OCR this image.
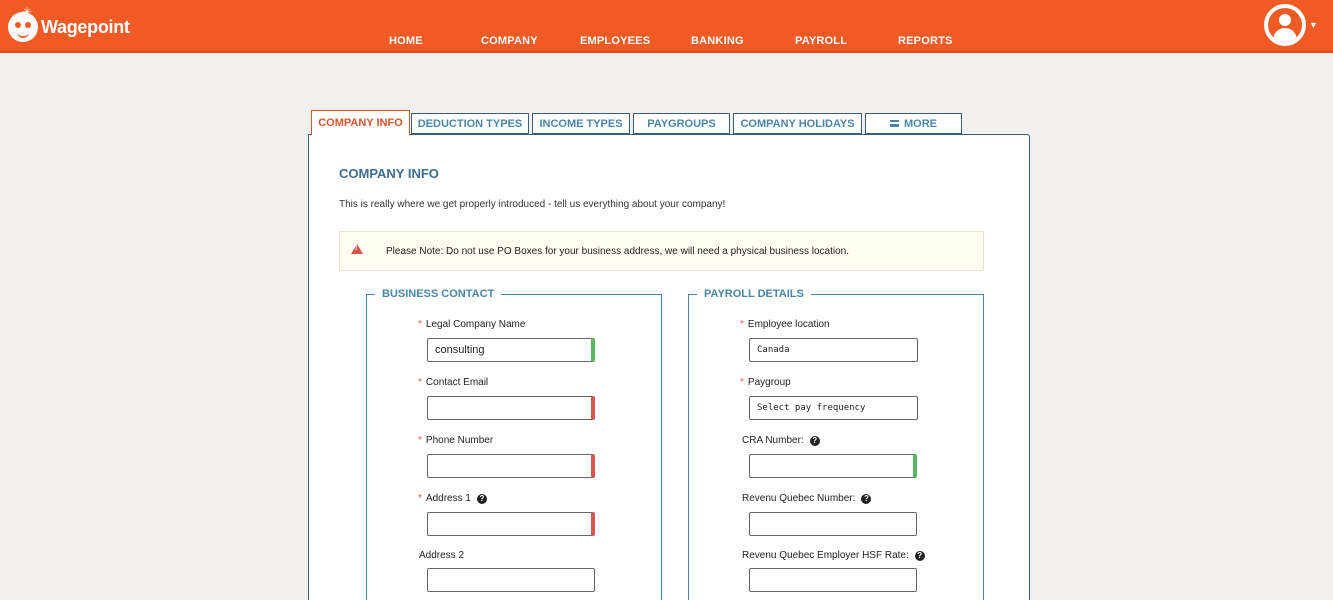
✳
Wagepoint
HOME	COMPANY	EMPLOYEES	BANKING	PAYROLL	REPORTS
▼
COMPANY INFO DEDUCTION TYPES INCOME TYPES PAYGROUPS COMPANY HOLIDAYS	MORE
COMPANY INFO
This is really where we get properly introduced - tell us everything about your company!
!
Please Note: Do not use PO Boxes for your business address, we will need a physical business location.
BUSINESS CONTACT
* Legal Company Name
consulting
* Contact Email
* Phone Number
* Address 1	?
Address 2
PAYROLL DETAILS
* Employee location
Canada
* Paygroup
Select pay frequency
CRA Number:	?
Revenu Quebec Number:	?
Revenu Quebec Employer HSF Rate:	?
